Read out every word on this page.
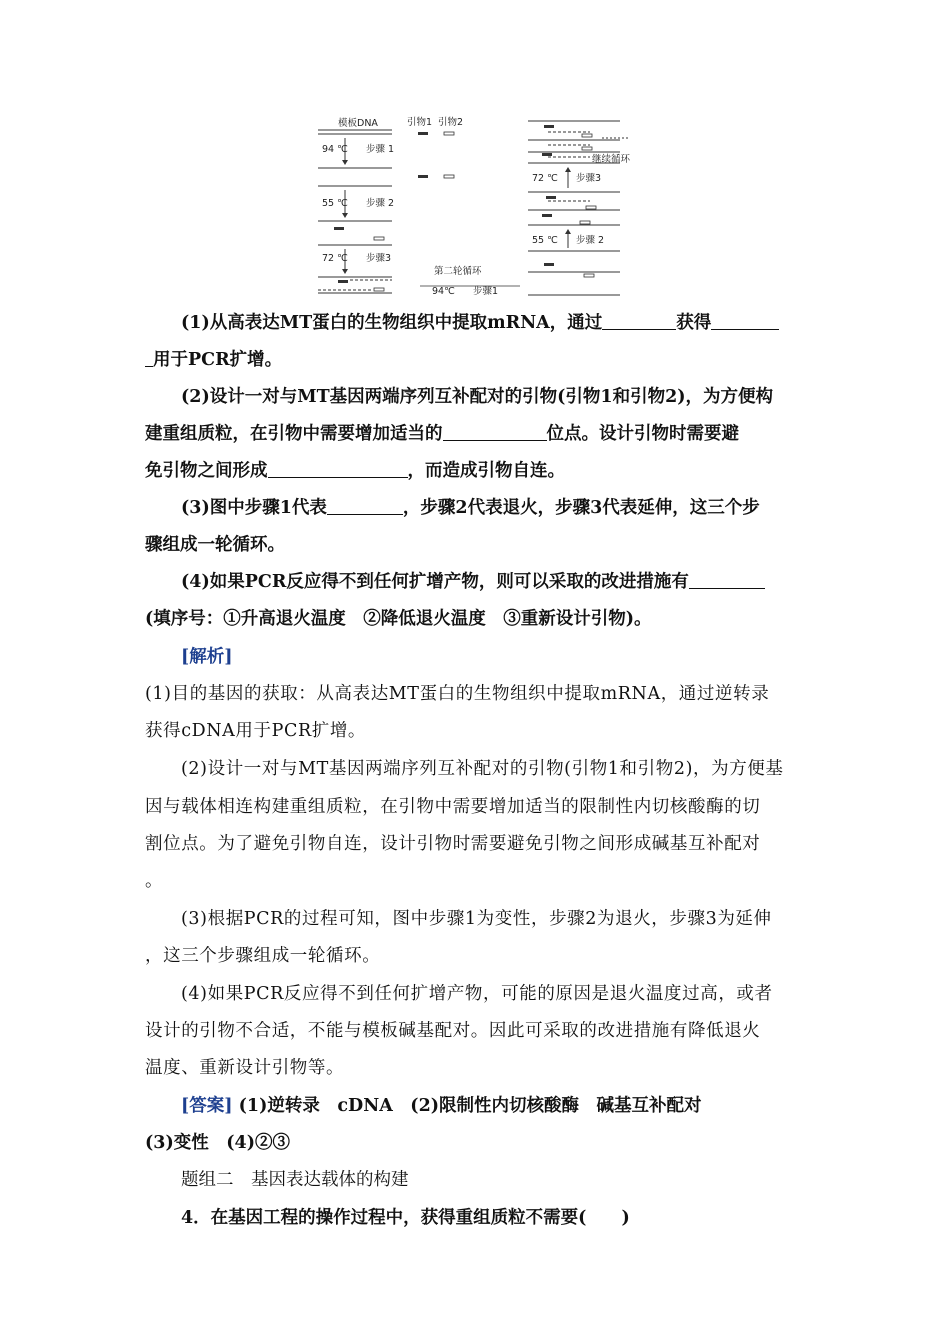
模板DNA	引物1 引物2
94 ℃ 步骤 1
55 ℃ 步骤 2
72 ℃ 步骤3
第二轮循环
94℃ 步骤1
72 ℃ 步骤3
55 ℃ 步骤 2
继续循环
(1)从高表达MT蛋白的生物组织中提取mRNA，通过	获得
用于PCR扩增。
(2)设计一对与MT基因两端序列互补配对的引物(引物1和引物2)，为方便构
建重组质粒，在引物中需要增加适当的	位点。设计引物时需要避
免引物之间形成	，而造成引物自连。
(3)图中步骤1代表	，步骤2代表退火，步骤3代表延伸，这三个步
骤组成一轮循环。
(4)如果PCR反应得不到任何扩增产物，则可以采取的改进措施有
(填序号：①升高退火温度　②降低退火温度　③重新设计引物)。
[解析]
(1)目的基因的获取：从高表达MT蛋白的生物组织中提取mRNA，通过逆转录
获得cDNA用于PCR扩增。
(2)设计一对与MT基因两端序列互补配对的引物(引物1和引物2)，为方便基
因与载体相连构建重组质粒，在引物中需要增加适当的限制性内切核酸酶的切
割位点。为了避免引物自连，设计引物时需要避免引物之间形成碱基互补配对
。
(3)根据PCR的过程可知，图中步骤1为变性，步骤2为退火，步骤3为延伸
，这三个步骤组成一轮循环。
(4)如果PCR反应得不到任何扩增产物，可能的原因是退火温度过高，或者
设计的引物不合适，不能与模板碱基配对。因此可采取的改进措施有降低退火
温度、重新设计引物等。
[答案] (1)逆转录　cDNA　(2)限制性内切核酸酶　碱基互补配对
(3)变性　(4)②③
题组二　基因表达载体的构建
4．在基因工程的操作过程中，获得重组质粒不需要(　　)
